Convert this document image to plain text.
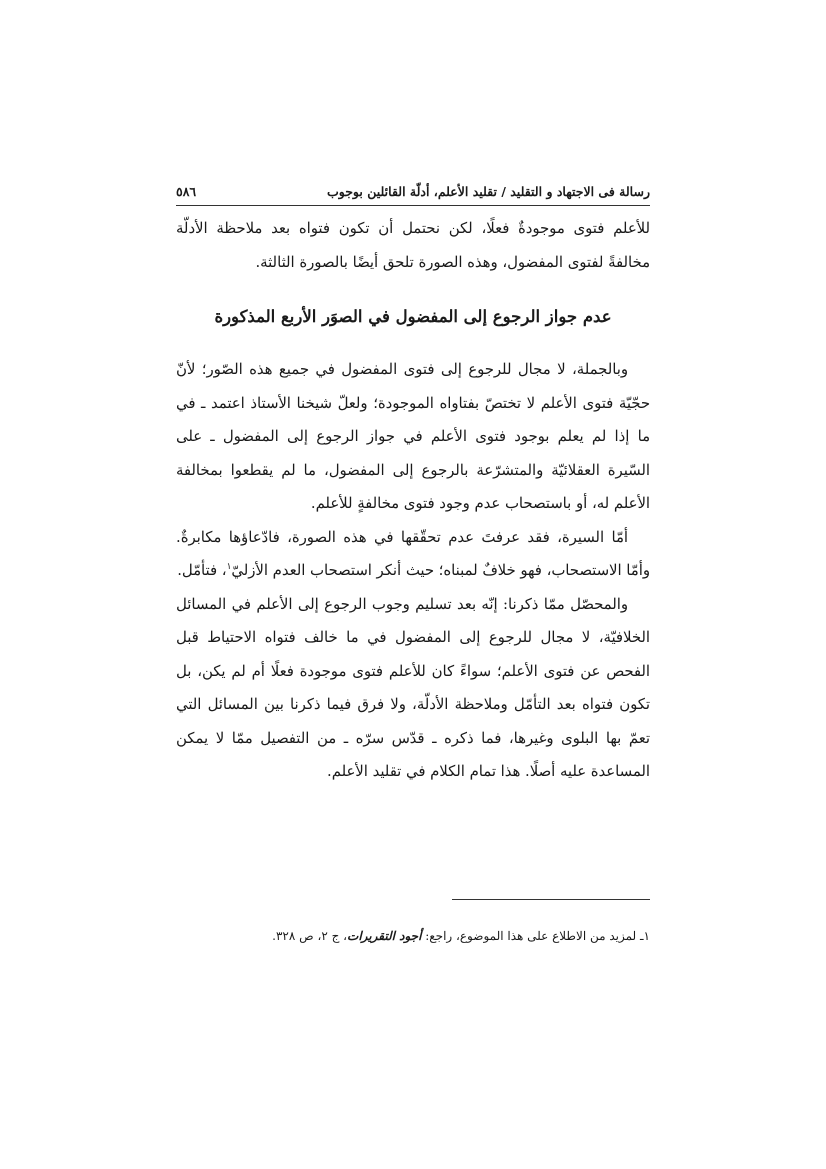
٥٨٦	رسالة فى الاجتهاد و التقليد / تقليد الأعلم، أدلّة القائلين بوجوب

للأعلم فتوى موجودةٌ فعلًا، لكن نحتمل أن تكون فتواه بعد ملاحظة الأدلّة مخالفةً لفتوى المفضول، وهذه الصورة تلحق أيضًا بالصورة الثالثة.

عدم جواز الرجوع إلى المفضول في الصوَر الأربع المذكورة

وبالجملة، لا مجال للرجوع إلى فتوى المفضول في جميع هذه الصّور؛ لأنّ حجّيّة فتوى الأعلم لا تختصّ بفتاواه الموجودة؛ ولعلّ شيخنا الأستاذ اعتمد ـ في ما إذا لم يعلم بوجود فتوى الأعلم في جواز الرجوع إلى المفضول ـ على السّيرة العقلائيّة والمتشرّعة بالرجوع إلى المفضول، ما لم يقطعوا بمخالفة الأعلم له، أو باستصحاب عدم وجود فتوى مخالفةٍ للأعلم.

أمّا السيرة، فقد عرفتَ عدم تحقّقها في هذه الصورة، فادّعاؤها مكابرةٌ. وأمّا الاستصحاب، فهو خلافٌ لمبناه؛ حيث أنكر استصحاب العدم الأزليّ$^١$، فتأمّل.

والمحصّل ممّا ذكرنا: إنّه بعد تسليم وجوب الرجوع إلى الأعلم في المسائل الخلافيّة، لا مجال للرجوع إلى المفضول في ما خالف فتواه الاحتياط قبل الفحص عن فتوى الأعلم؛ سواءً كان للأعلم فتوى موجودة فعلًا أم لم يكن، بل تكون فتواه بعد التأمّل وملاحظة الأدلّة، ولا فرق فيما ذكرنا بين المسائل التي تعمّ بها البلوى وغيرها، فما ذكره ـ قدّس سرّه ـ من التفصيل ممّا لا يمكن المساعدة عليه أصلًا. هذا تمام الكلام في تقليد الأعلم.

١ـ لمزيد من الاطلاع على هذا الموضوع، راجع: أجود التقريرات، ج ٢، ص ٣٢٨.
